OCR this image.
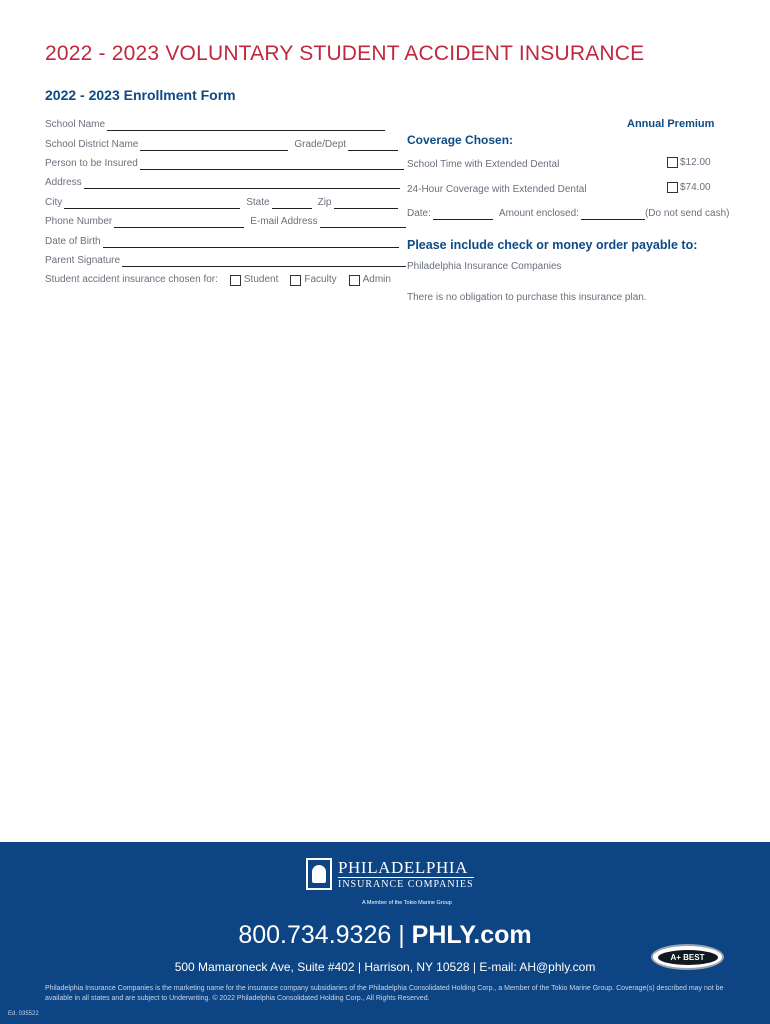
2022 - 2023 VOLUNTARY STUDENT ACCIDENT INSURANCE
2022 - 2023 Enrollment Form
School Name
School District Name	Grade/Dept
Person to be Insured
Address
City	State	Zip
Phone Number	E-mail Address
Date of Birth
Parent Signature
Student accident insurance chosen for:	Student	Faculty	Admin
Annual Premium
Coverage Chosen:
School Time with Extended Dental	$12.00
24-Hour Coverage with Extended Dental	$74.00
Date:	Amount enclosed:	(Do not send cash)
Please include check or money order payable to:
Philadelphia Insurance Companies
There is no obligation to purchase this insurance plan.
PHILADELPHIA
INSURANCE COMPANIES
A Member of the Tokio Marine Group
800.734.9326 | PHLY.com
500 Mamaroneck Ave, Suite #402 | Harrison, NY 10528 | E-mail: AH@phly.com
A+ BEST
Philadelphia Insurance Companies is the marketing name for the insurance company subsidiaries of the Philadelphia Consolidated Holding Corp., a Member of the Tokio Marine Group. Coverage(s) described may not be available in all states and are subject to Underwriting. © 2022 Philadelphia Consolidated Holding Corp., All Rights Reserved.
Ed. 035522
